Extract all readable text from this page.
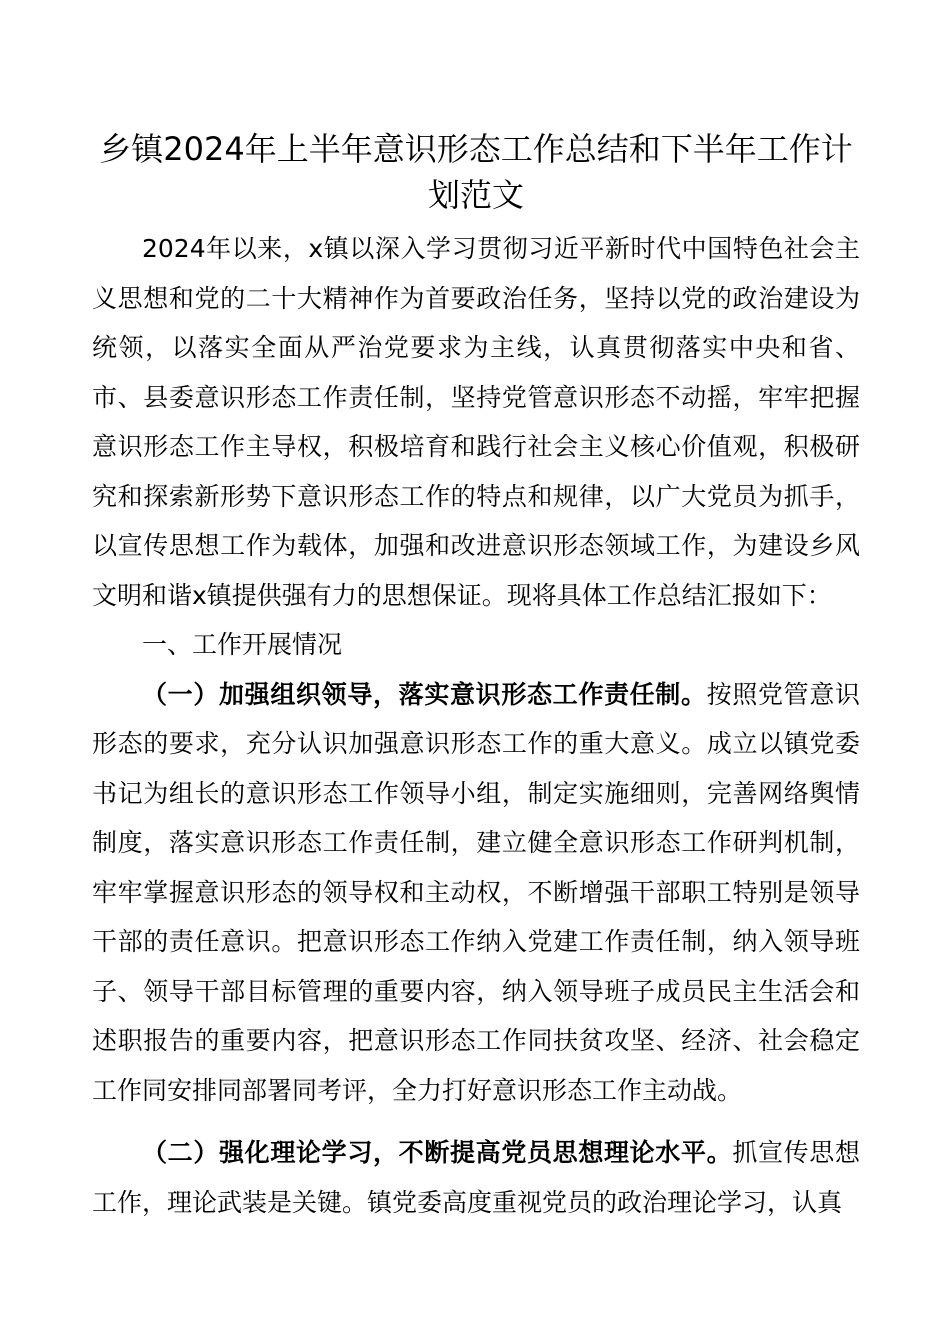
乡镇2024年上半年意识形态工作总结和下半年工作计划范文

2024年以来，x镇以深入学习贯彻习近平新时代中国特色社会主义思想和党的二十大精神作为首要政治任务，坚持以党的政治建设为统领，以落实全面从严治党要求为主线，认真贯彻落实中央和省、市、县委意识形态工作责任制，坚持党管意识形态不动摇，牢牢把握意识形态工作主导权，积极培育和践行社会主义核心价值观，积极研究和探索新形势下意识形态工作的特点和规律，以广大党员为抓手，以宣传思想工作为载体，加强和改进意识形态领域工作，为建设乡风文明和谐x镇提供强有力的思想保证。现将具体工作总结汇报如下：

一、工作开展情况

（一）加强组织领导，落实意识形态工作责任制。按照党管意识形态的要求，充分认识加强意识形态工作的重大意义。成立以镇党委书记为组长的意识形态工作领导小组，制定实施细则，完善网络舆情制度，落实意识形态工作责任制，建立健全意识形态工作研判机制，牢牢掌握意识形态的领导权和主动权，不断增强干部职工特别是领导干部的责任意识。把意识形态工作纳入党建工作责任制，纳入领导班子、领导干部目标管理的重要内容，纳入领导班子成员民主生活会和述职报告的重要内容，把意识形态工作同扶贫攻坚、经济、社会稳定工作同安排同部署同考评，全力打好意识形态工作主动战。

（二）强化理论学习，不断提高党员思想理论水平。抓宣传思想工作，理论武装是关键。镇党委高度重视党员的政治理论学习，认真
